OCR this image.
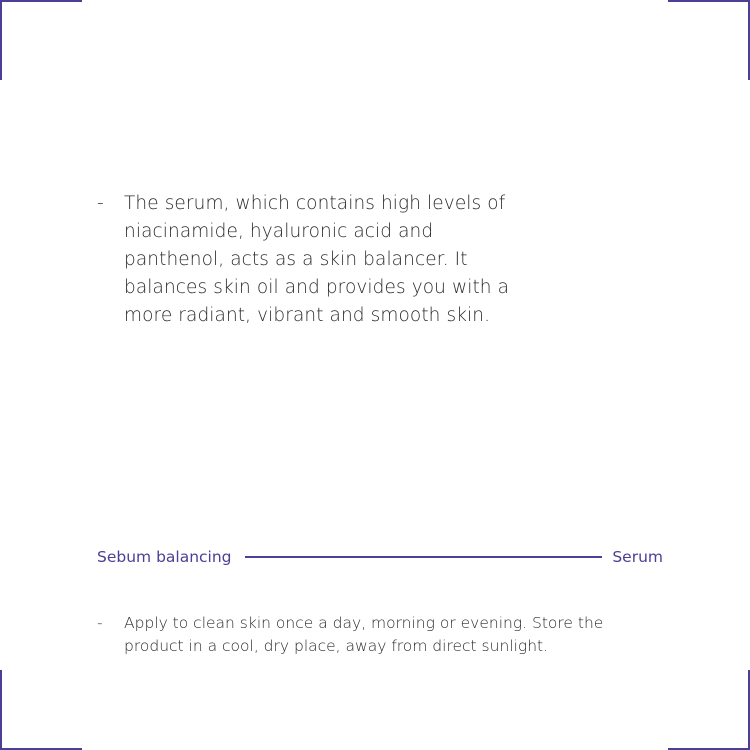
-	The serum, which contains high levels of niacinamide, hyaluronic acid and panthenol, acts as a skin balancer. It balances skin oil and provides you with a more radiant, vibrant and smooth skin.
Sebum balancing	Serum
-	Apply to clean skin once a day, morning or evening. Store the product in a cool, dry place, away from direct sunlight.
